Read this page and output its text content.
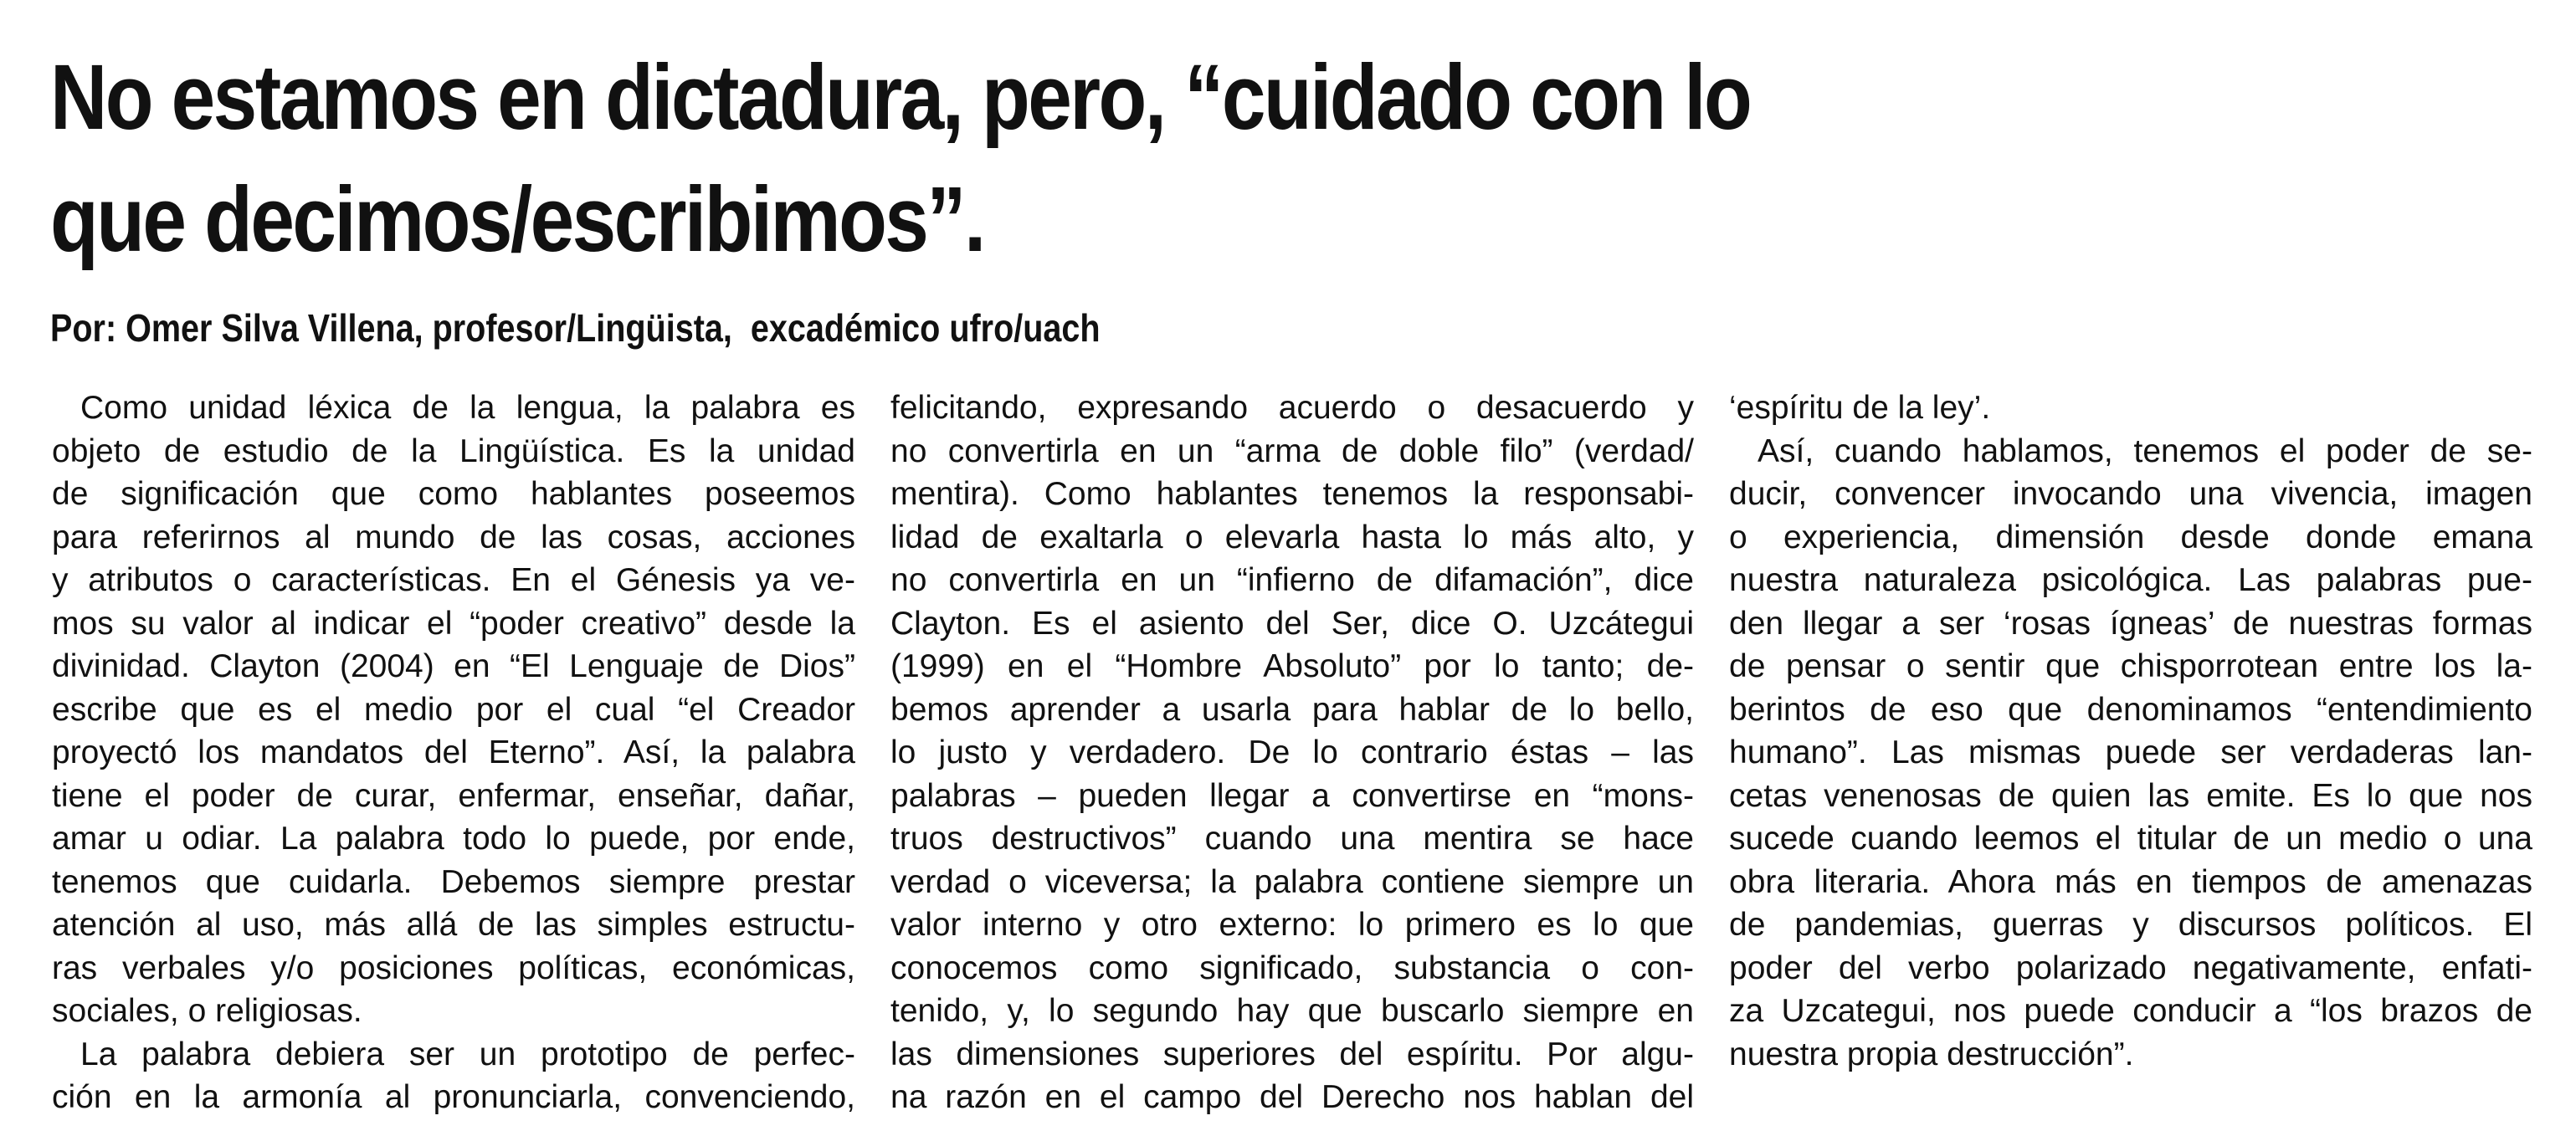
No estamos en dictadura, pero, “cuidado con lo
que decimos/escribimos”.

Por: Omer Silva Villena, profesor/Lingüista,  excadémico ufro/uach

Como unidad léxica de la lengua, la palabra es
objeto de estudio de la Lingüística. Es la unidad
de significación que como hablantes poseemos
para referirnos al mundo de las cosas, acciones
y atributos o características. En el Génesis ya ve-
mos su valor al indicar el “poder creativo” desde la
divinidad. Clayton (2004) en “El Lenguaje de Dios”
escribe que es el medio por el cual “el Creador
proyectó los mandatos del Eterno”. Así, la palabra
tiene el poder de curar, enfermar, enseñar, dañar,
amar u odiar. La palabra todo lo puede, por ende,
tenemos que cuidarla. Debemos siempre prestar
atención al uso, más allá de las simples estructu-
ras verbales y/o posiciones políticas, económicas,
sociales, o religiosas.
La palabra debiera ser un prototipo de perfec-
ción en la armonía al pronunciarla, convenciendo,
felicitando, expresando acuerdo o desacuerdo y
no convertirla en un “arma de doble filo” (verdad/
mentira). Como hablantes tenemos la responsabi-
lidad de exaltarla o elevarla hasta lo más alto, y
no convertirla en un “infierno de difamación”, dice
Clayton. Es el asiento del Ser, dice O. Uzcátegui
(1999) en el “Hombre Absoluto” por lo tanto; de-
bemos aprender a usarla para hablar de lo bello,
lo justo y verdadero. De lo contrario éstas – las
palabras – pueden llegar a convertirse en “mons-
truos destructivos” cuando una mentira se hace
verdad o viceversa; la palabra contiene siempre un
valor interno y otro externo: lo primero es lo que
conocemos como significado, substancia o con-
tenido, y, lo segundo hay que buscarlo siempre en
las dimensiones superiores del espíritu. Por algu-
na razón en el campo del Derecho nos hablan del
‘espíritu de la ley’.
Así, cuando hablamos, tenemos el poder de se-
ducir, convencer invocando una vivencia, imagen
o experiencia, dimensión desde donde emana
nuestra naturaleza psicológica. Las palabras pue-
den llegar a ser ‘rosas ígneas’ de nuestras formas
de pensar o sentir que chisporrotean entre los la-
berintos de eso que denominamos “entendimiento
humano”. Las mismas puede ser verdaderas lan-
cetas venenosas de quien las emite. Es lo que nos
sucede cuando leemos el titular de un medio o una
obra literaria. Ahora más en tiempos de amenazas
de pandemias, guerras y discursos políticos. El
poder del verbo polarizado negativamente, enfati-
za Uzcategui, nos puede conducir a “los brazos de
nuestra propia destrucción”.
